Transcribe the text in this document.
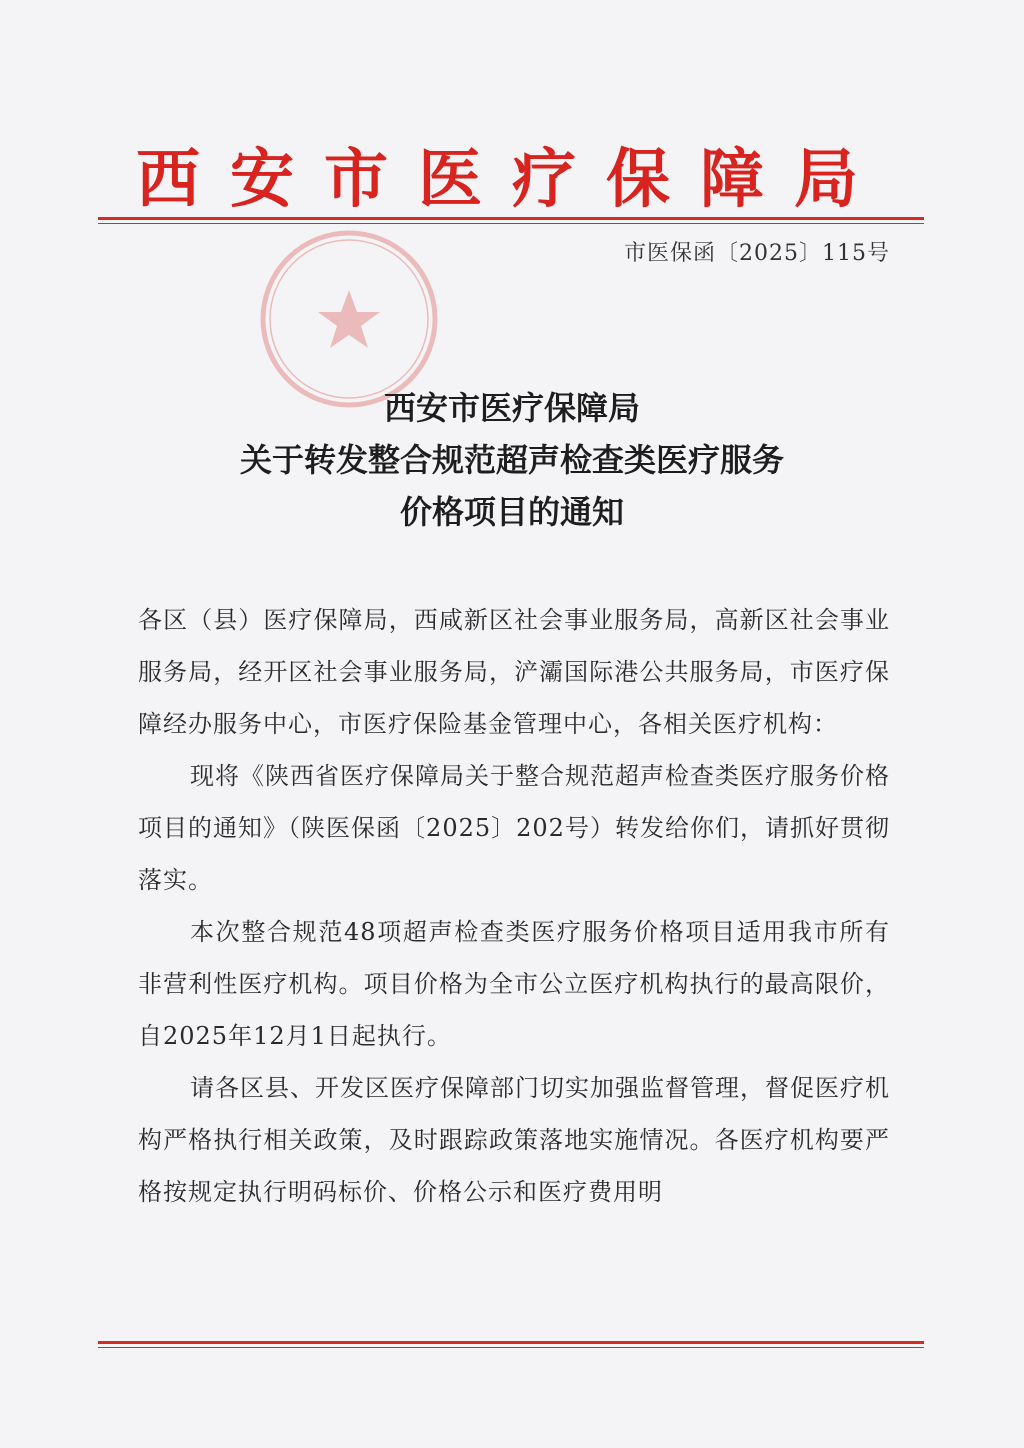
西安市医疗保障局
市医保函〔2025〕115号
西安市医疗保障局
关于转发整合规范超声检查类医疗服务
价格项目的通知

各区（县）医疗保障局，西咸新区社会事业服务局，高新区社会事业服务局，经开区社会事业服务局，浐灞国际港公共服务局，市医疗保障经办服务中心，市医疗保险基金管理中心，各相关医疗机构：

现将《陕西省医疗保障局关于整合规范超声检查类医疗服务价格项目的通知》（陕医保函〔2025〕202号）转发给你们，请抓好贯彻落实。

本次整合规范48项超声检查类医疗服务价格项目适用我市所有非营利性医疗机构。项目价格为全市公立医疗机构执行的最高限价，自2025年12月1日起执行。

请各区县、开发区医疗保障部门切实加强监督管理，督促医疗机构严格执行相关政策，及时跟踪政策落地实施情况。各医疗机构要严格按规定执行明码标价、价格公示和医疗费用明
